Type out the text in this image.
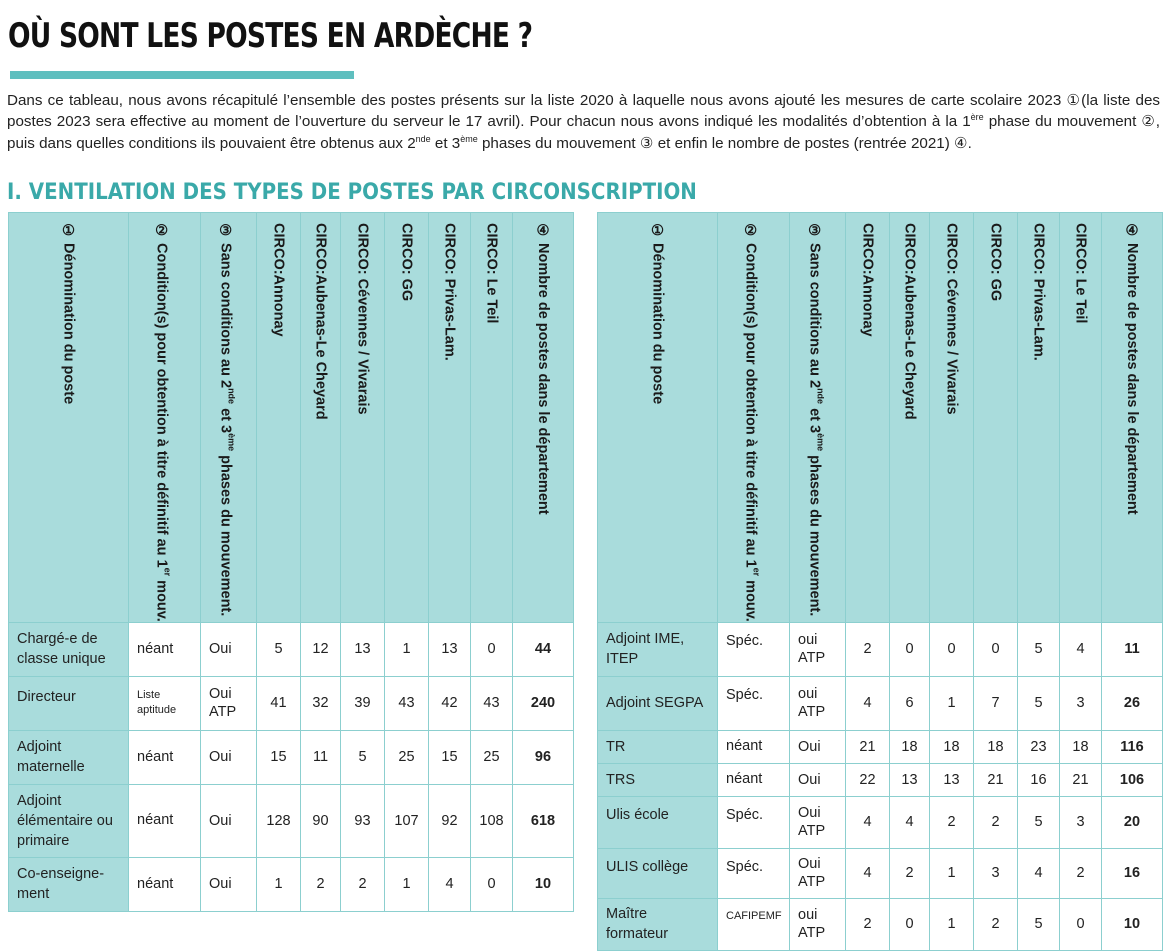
OÙ SONT LES POSTES EN ARDÈCHE ?

Dans ce tableau, nous avons récapitulé l’ensemble des postes présents sur la liste 2020 à laquelle nous avons ajouté les mesures de carte scolaire 2023 ①(la liste des postes 2023 sera effective au moment de l’ouverture du serveur le 17 avril). Pour chacun nous avons indiqué les modalités d’obtention à la 1ère phase du mouvement ②, puis dans quelles conditions ils pouvaient être obtenus aux 2nde et 3ème phases du mouvement ③ et enfin le nombre de postes (rentrée 2021) ④.

I. VENTILATION DES TYPES DE POSTES PAR CIRCONSCRIPTION
① Dénomination du poste	② Condition(s) pour obtention à titre définitif au 1er mouv.	③ Sans conditions au 2nde et 3ème phases du mouvement.	CIRCO:Annonay	CIRCO:Aubenas-Le Cheyard	CIRCO: Cévennes / Vivarais	CIRCO: GG	CIRCO: Privas-Lam.	CIRCO: Le Teil	④ Nombre de postes dans le département

Chargé-e de classe unique	néant	Oui	5	12	13	1	13	0	44
Directeur	Liste aptitude	Oui ATP	41	32	39	43	42	43	240
Adjoint maternelle	néant	Oui	15	11	5	25	15	25	96
Adjoint élémentaire ou primaire	néant	Oui	128	90	93	107	92	108	618
Co-enseigne-ment	néant	Oui	1	2	2	1	4	0	10
① Dénomination du poste	② Condition(s) pour obtention à titre définitif au 1er mouv.	③ Sans conditions au 2nde et 3ème phases du mouvement.	CIRCO:Annonay	CIRCO:Aubenas-Le Cheyard	CIRCO: Cévennes / Vivarais	CIRCO: GG	CIRCO: Privas-Lam.	CIRCO: Le Teil	④ Nombre de postes dans le département

Adjoint IME, ITEP	Spéc.	oui ATP	2	0	0	0	5	4	11
Adjoint SEGPA	Spéc.	oui ATP	4	6	1	7	5	3	26
TR	néant	Oui	21	18	18	18	23	18	116
TRS	néant	Oui	22	13	13	21	16	21	106
Ulis école	Spéc.	Oui ATP	4	4	2	2	5	3	20
ULIS collège	Spéc.	Oui ATP	4	2	1	3	4	2	16
Maître formateur	CAFIPEMF	oui ATP	2	0	1	2	5	0	10
